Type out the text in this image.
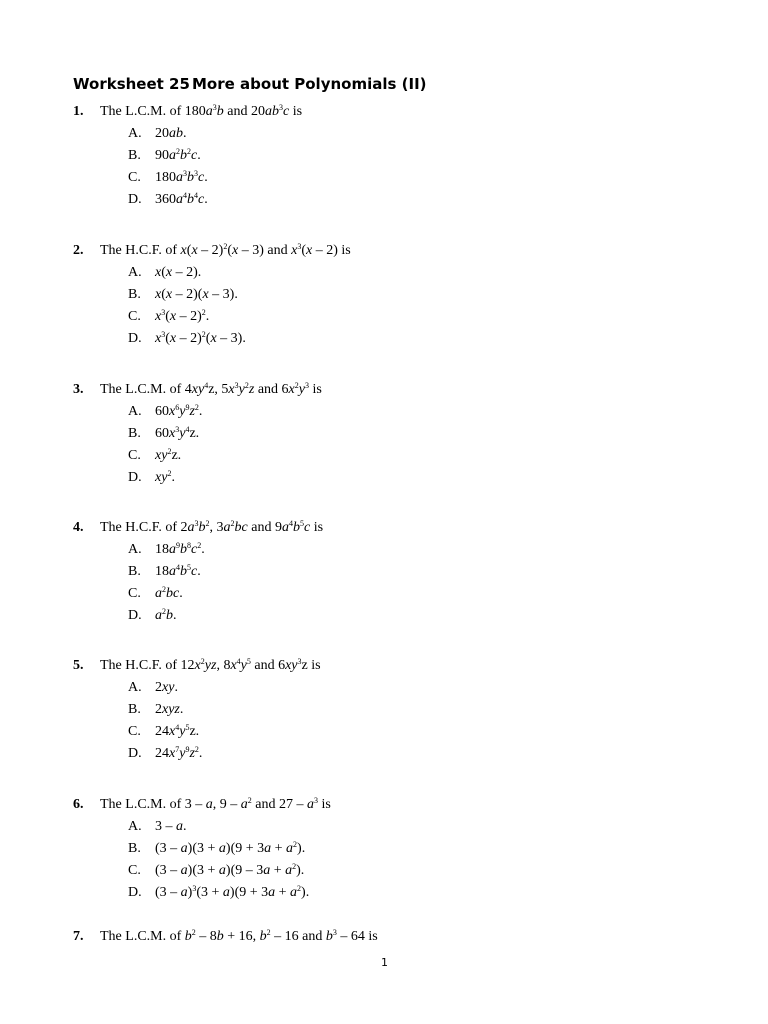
Worksheet 25 More about Polynomials (II)
1. The L.C.M. of $180a^3b$ and $20ab^3c$ is
A. 20ab.
B. $90a^2b^2c$.
C. $180a^3b^3c$.
D. $360a^4b^4c$.
2. The H.C.F. of x(x – 2)$^2$(x – 3) and $x^3(x - 2)$ is
A. x(x – 2).
B. x(x – 2)(x – 3).
C. $x^3(x - 2)^2$.
D. $x^3(x - 2)^2(x - 3)$.
3. The L.C.M. of $4xy^4z$, $5x^3y^2z$ and $6x^2y^3$ is
A. $60x^6y^9z^2$.
B. $60x^3y^4z$.
C. $xy^2z$.
D. $xy^2$.
4. The H.C.F. of $2a^3b^2$, $3a^2bc$ and $9a^4b^5c$ is
A. $18a^9b^8c^2$.
B. $18a^4b^5c$.
C. $a^2bc$.
D. $a^2b$.
5. The H.C.F. of $12x^2yz$, $8x^4y^5$ and $6xy^3z$ is
A. 2xy.
B. 2xyz.
C. $24x^4y^5z$.
D. $24x^7y^9z^2$.
6. The L.C.M. of 3 – a, $9 - a^2$ and $27 - a^3$ is
A. 3 – a.
B. $(3 - a)(3 + a)(9 + 3a + a^2)$.
C. $(3 - a)(3 + a)(9 - 3a + a^2)$.
D. $(3 - a)^3(3 + a)(9 + 3a + a^2)$.
7. The L.C.M. of $b^2 - 8b + 16$, $b^2 - 16$ and $b^3 - 64$ is
1
